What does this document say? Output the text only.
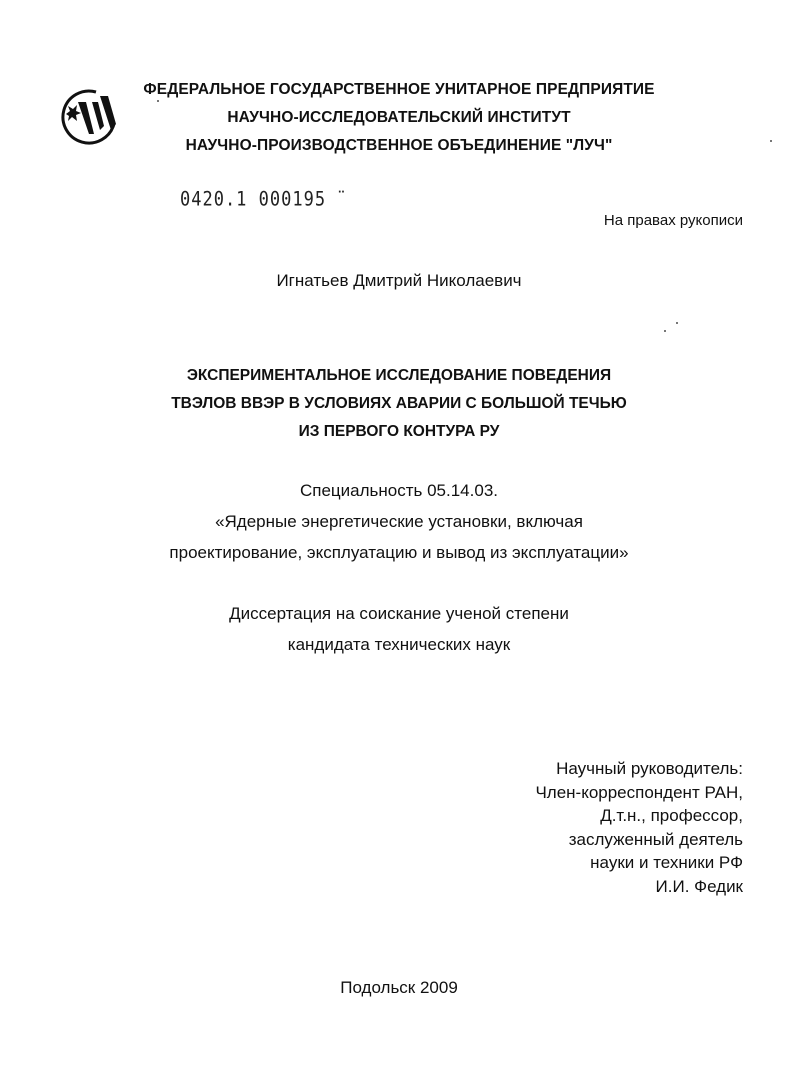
ФЕДЕРАЛЬНОЕ ГОСУДАРСТВЕННОЕ УНИТАРНОЕ ПРЕДПРИЯТИЕ
НАУЧНО-ИССЛЕДОВАТЕЛЬСКИЙ ИНСТИТУТ
НАУЧНО-ПРОИЗВОДСТВЕННОЕ ОБЪЕДИНЕНИЕ "ЛУЧ"
0420.1 000195 ̈
На правах рукописи
Игнатьев Дмитрий Николаевич
ЭКСПЕРИМЕНТАЛЬНОЕ ИССЛЕДОВАНИЕ ПОВЕДЕНИЯ
ТВЭЛОВ ВВЭР В УСЛОВИЯХ АВАРИИ С БОЛЬШОЙ ТЕЧЬЮ
ИЗ ПЕРВОГО КОНТУРА РУ
Специальность 05.14.03.
«Ядерные энергетические установки, включая
проектирование, эксплуатацию и вывод из эксплуатации»
Диссертация на соискание ученой степени
кандидата технических наук
Научный руководитель:
Член-корреспондент РАН,
Д.т.н., профессор,
заслуженный деятель
науки и техники РФ
И.И. Федик
Подольск 2009
